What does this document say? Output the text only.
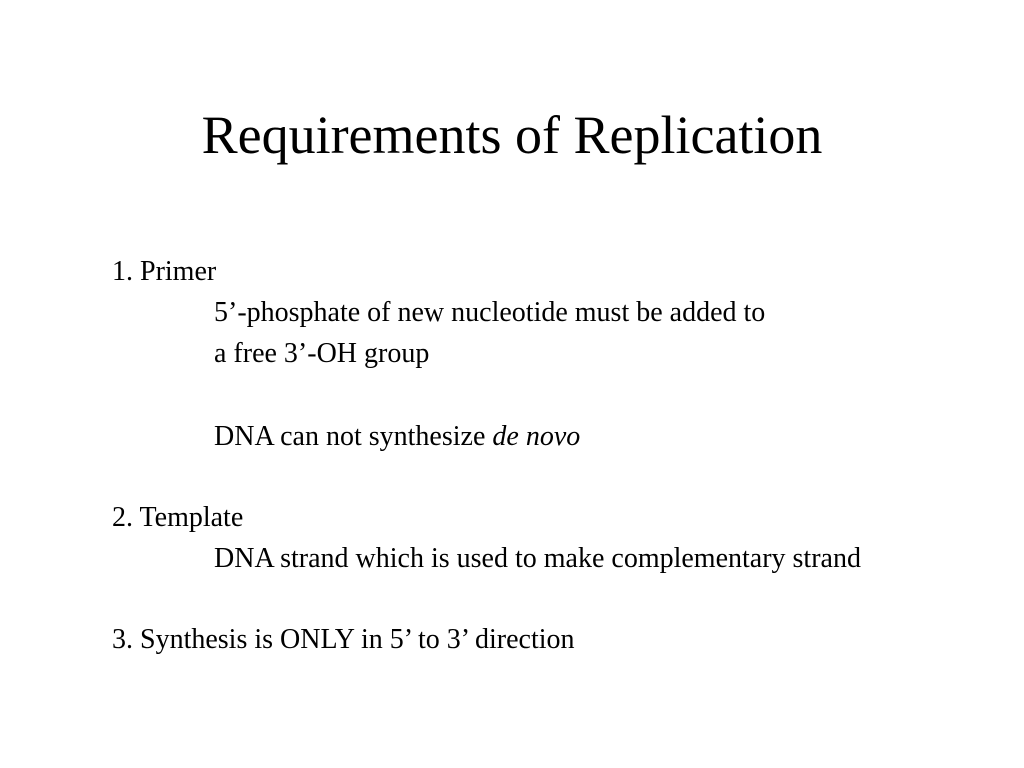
Requirements of Replication

1. Primer

5’-phosphate of new nucleotide must be added to

a free 3’-OH group

DNA can not synthesize de novo

2. Template

DNA strand which is used to make complementary strand

3. Synthesis is ONLY in 5’ to 3’ direction
